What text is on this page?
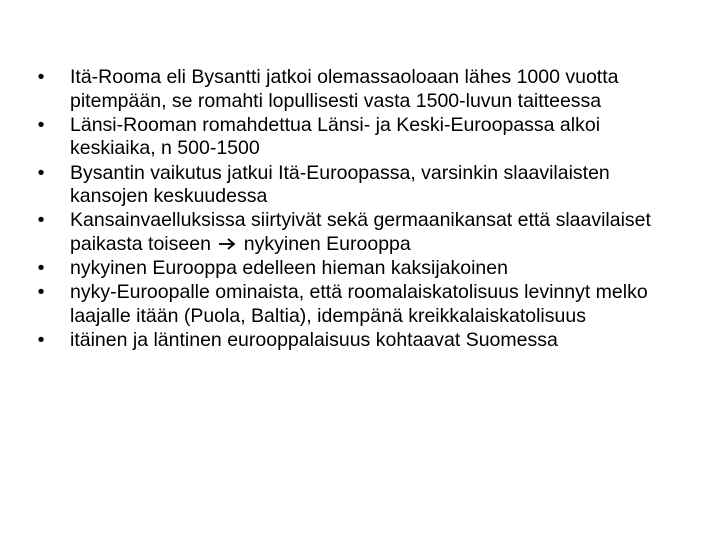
• Itä-Rooma eli Bysantti jatkoi olemassaoloaan lähes 1000 vuotta pitempään, se romahti lopullisesti vasta 1500-luvun taitteessa
• Länsi-Rooman romahdettua Länsi- ja Keski-Euroopassa alkoi keskiaika, n 500-1500
• Bysantin vaikutus jatkui Itä-Euroopassa, varsinkin slaavilaisten kansojen keskuudessa
• Kansainvaelluksissa siirtyivät sekä germaanikansat että slaavilaiset paikasta toiseen nykyinen Eurooppa
• nykyinen Eurooppa edelleen hieman kaksijakoinen
• nyky-Euroopalle ominaista, että roomalaiskatolisuus levinnyt melko laajalle itään (Puola, Baltia), idempänä kreikkalaiskatolisuus
• itäinen ja läntinen eurooppalaisuus kohtaavat Suomessa
